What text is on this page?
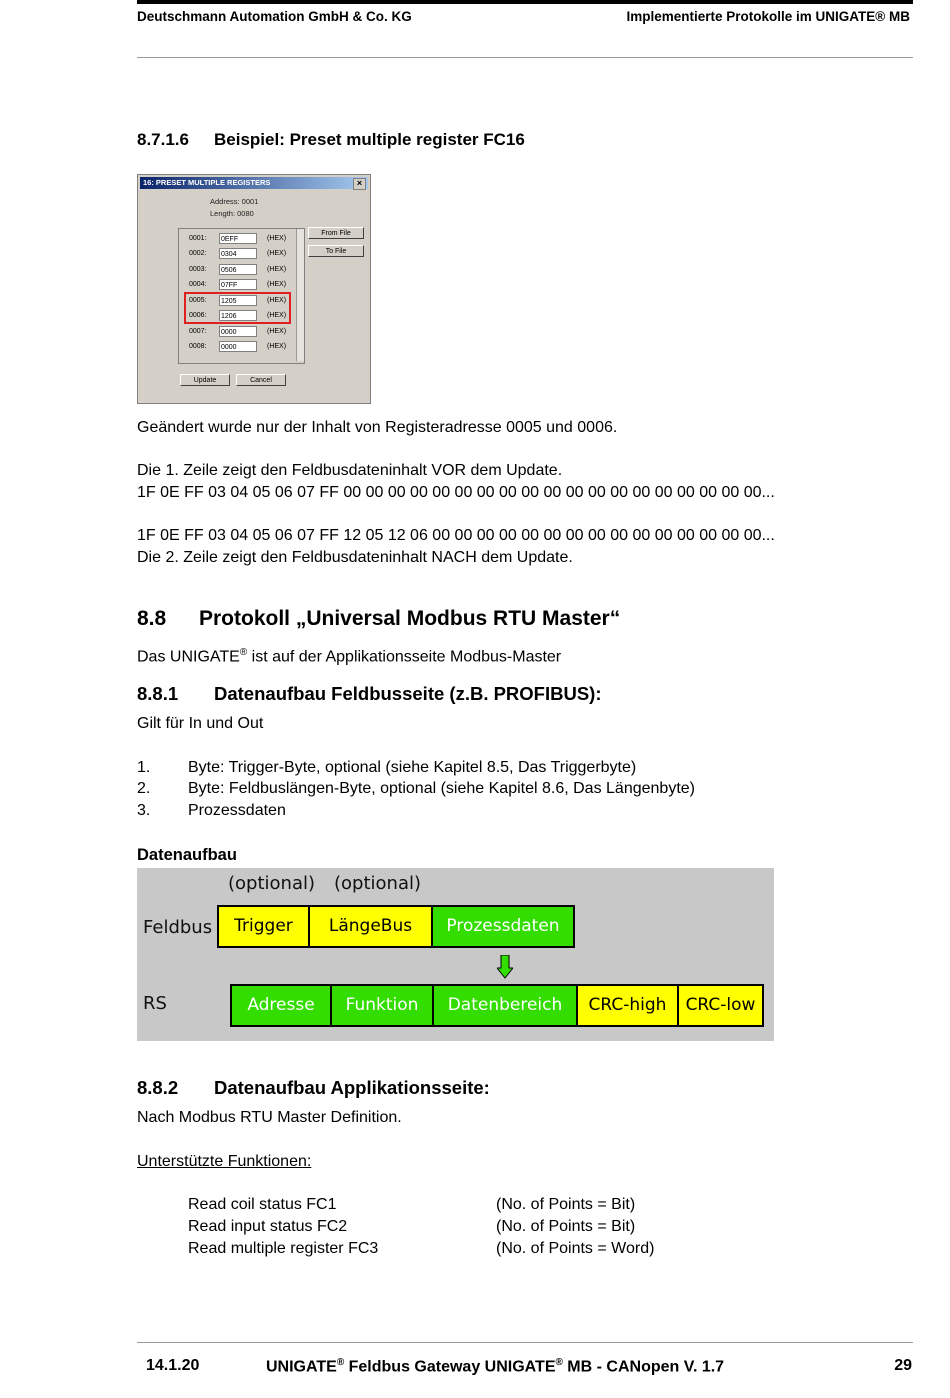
Deutschmann Automation GmbH & Co. KG	Implementierte Protokolle im UNIGATE® MB
8.7.1.6 Beispiel: Preset multiple register FC16
16: PRESET MULTIPLE REGISTERS	×
Address: 0001
Length: 0080
0001: 0EFF	(HEX)
0002: 0304	(HEX)
0003: 0506	(HEX)
0004: 07FF	(HEX)
0005: 1205	(HEX)
0006: 1206	(HEX)
0007: 0000	(HEX)
0008: 0000	(HEX)
From File
To File
Update	Cancel
Geändert wurde nur der Inhalt von Registeradresse 0005 und 0006.
Die 1. Zeile zeigt den Feldbusdateninhalt VOR dem Update.
1F 0E FF 03 04 05 06 07 FF 00 00 00 00 00 00 00 00 00 00 00 00 00 00 00 00 00 00 00...
1F 0E FF 03 04 05 06 07 FF 12 05 12 06 00 00 00 00 00 00 00 00 00 00 00 00 00 00 00...
Die 2. Zeile zeigt den Feldbusdateninhalt NACH dem Update.
8.8 Protokoll „Universal Modbus RTU Master“
Das UNIGATE® ist auf der Applikationsseite Modbus-Master
8.8.1 Datenaufbau Feldbusseite (z.B. PROFIBUS):
Gilt für In und Out
1. Byte: Trigger-Byte, optional (siehe Kapitel 8.5, Das Triggerbyte)
2. Byte: Feldbuslängen-Byte, optional (siehe Kapitel 8.6, Das Längenbyte)
3. Prozessdaten
Datenaufbau
(optional) (optional)
Feldbus
RS
Trigger	LängeBus	Prozessdaten
Adresse	Funktion	Datenbereich	CRC-high	CRC-low
8.8.2 Datenaufbau Applikationsseite:
Nach Modbus RTU Master Definition.
Unterstützte Funktionen:
Read coil status FC1	(No. of Points = Bit)
Read input status FC2	(No. of Points = Bit)
Read multiple register FC3	(No. of Points = Word)
14.1.20	UNIGATE® Feldbus Gateway UNIGATE® MB - CANopen V. 1.7	29
